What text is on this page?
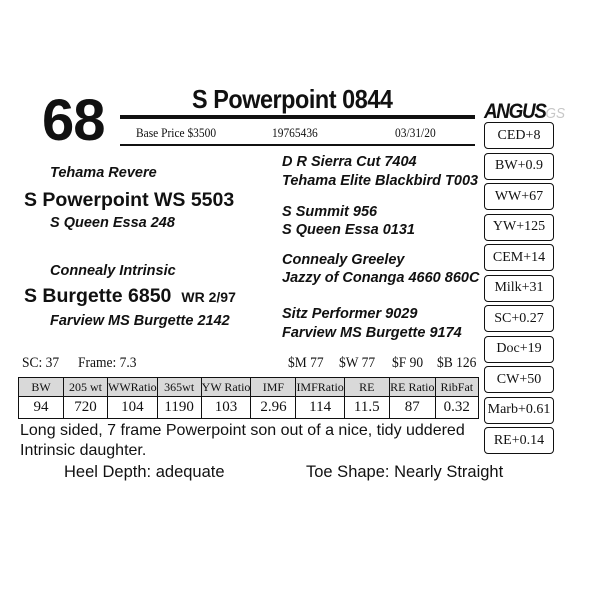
68	S Powerpoint 0844
Base Price $3500	19765436	03/31/20
Tehama Revere
S Powerpoint WS 5503
S Queen Essa 248
Connealy Intrinsic
S Burgette 6850 WR 2/97
Farview MS Burgette 2142
D R Sierra Cut 7404
Tehama Elite Blackbird T003
S Summit 956
S Queen Essa 0131
Connealy Greeley
Jazzy of Conanga 4660 860C
Sitz Performer 9029
Farview MS Burgette 9174
SC: 37 Frame: 7.3	$M 77 $W 77 $F 90 $B 126
BW	205 wt	WWRatio	365wt	YW Ratio	IMF	IMFRatio	RE	RE Ratio	RibFat
94	720	104	1190	103	2.96	114	11.5	87	0.32
Long sided, 7 frame Powerpoint son out of a nice, tidy uddered Intrinsic daughter.
Heel Depth: adequate	Toe Shape: Nearly Straight
ANGUSGS
CED+8
BW+0.9
WW+67
YW+125
CEM+14
Milk+31
SC+0.27
Doc+19
CW+50
Marb+0.61
RE+0.14
